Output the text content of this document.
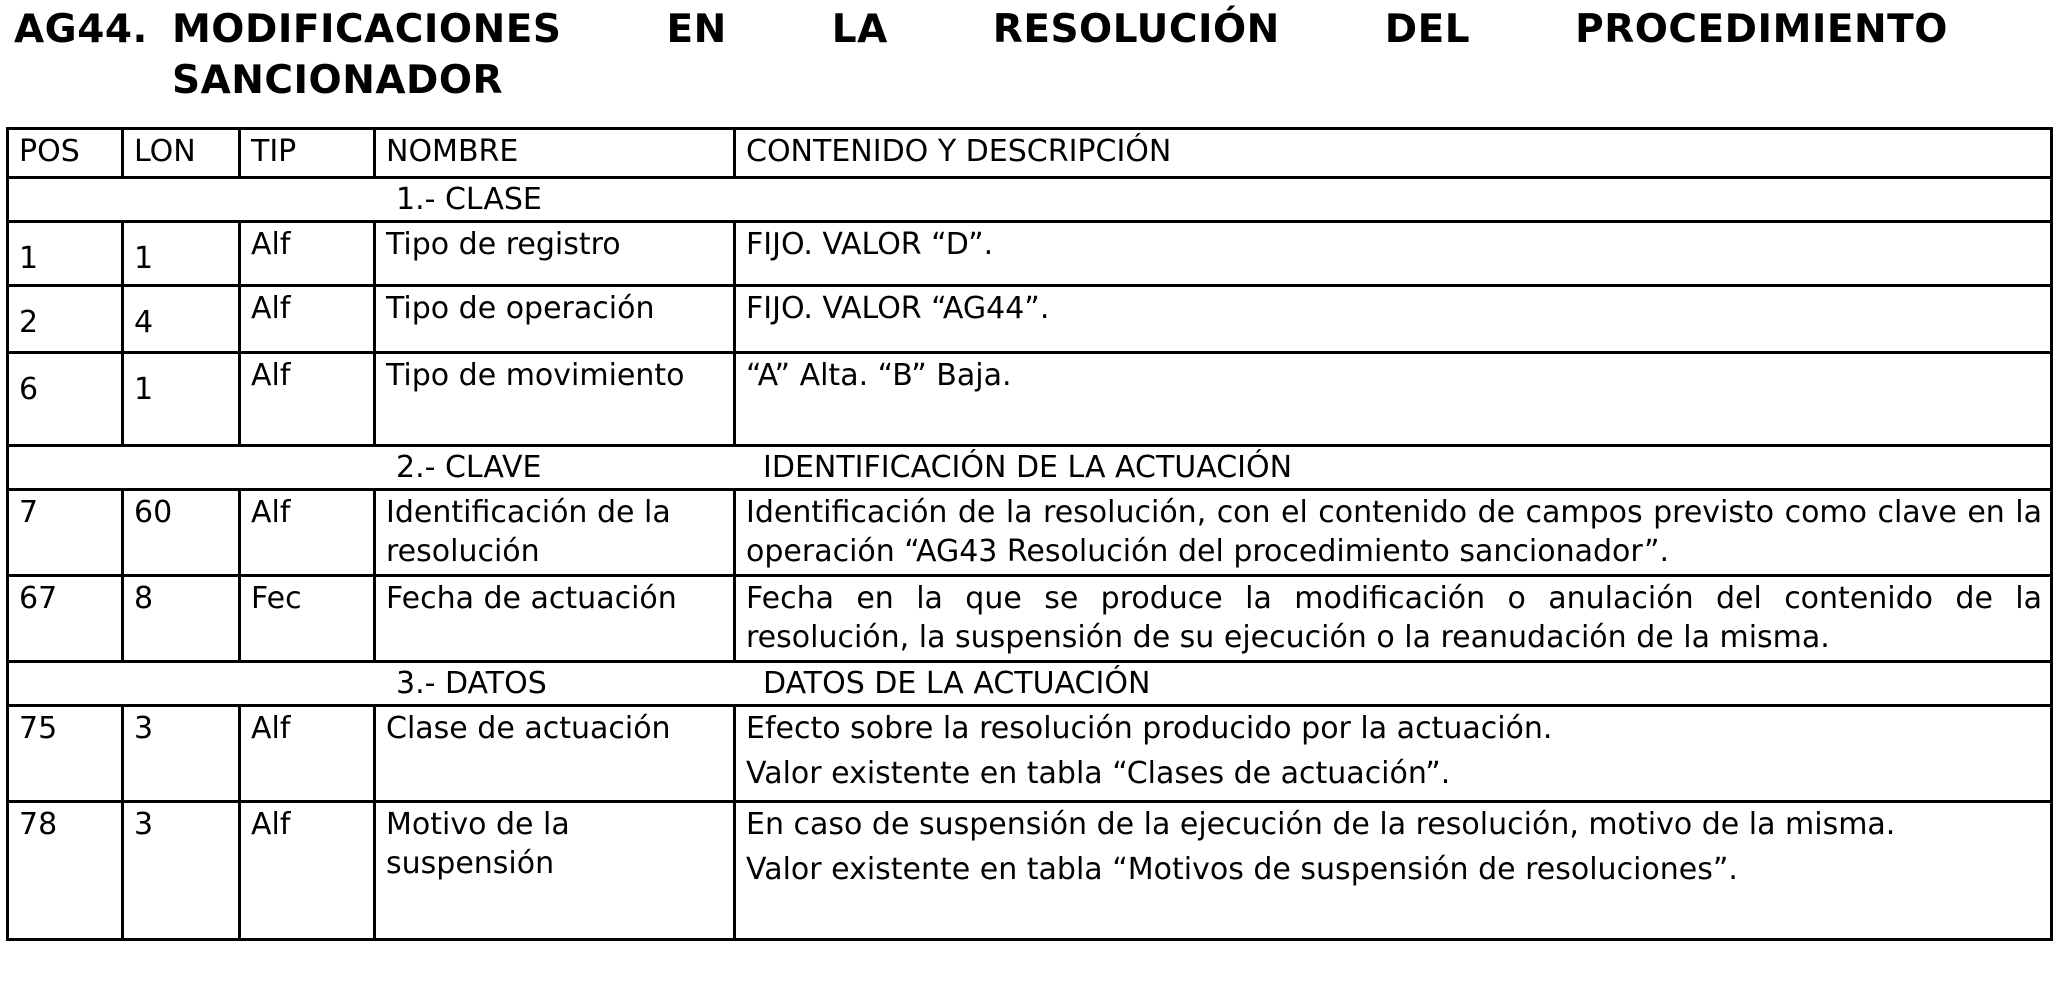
AG44. MODIFICACIONES	EN	LA	RESOLUCIÓN	DEL	PROCEDIMIENTO
SANCIONADOR
POS	LON	TIP	NOMBRE	CONTENIDO Y DESCRIPCIÓN

1.- CLASE				

1	1	Alf	Tipo de registro	FIJO. VALOR “D”.

2	4	Alf	Tipo de operación	FIJO. VALOR “AG44”.

6	1	Alf	Tipo de movimiento	“A” Alta. “B” Baja.

2.- CLAVE IDENTIFICACIÓN DE LA ACTUACIÓN				

7	60	Alf	Identificación de la resolución	Identificación de la resolución, con el contenido de campos previsto como clave en la operación “AG43 Resolución del procedimiento sancionador”.

67	8	Fec	Fecha de actuación	Fecha en la que se produce la modificación o anulación del contenido de la resolución, la suspensión de su ejecución o la reanudación de la misma.

3.- DATOS DATOS DE LA ACTUACIÓN				

75	3	Alf	Clase de actuación	Efecto sobre la resolución producido por la actuación.

Valor existente en tabla “Clases de actuación”.

78	3	Alf	Motivo de la suspensión	En caso de suspensión de la ejecución de la resolución, motivo de la misma.

Valor existente en tabla “Motivos de suspensión de resoluciones”.
